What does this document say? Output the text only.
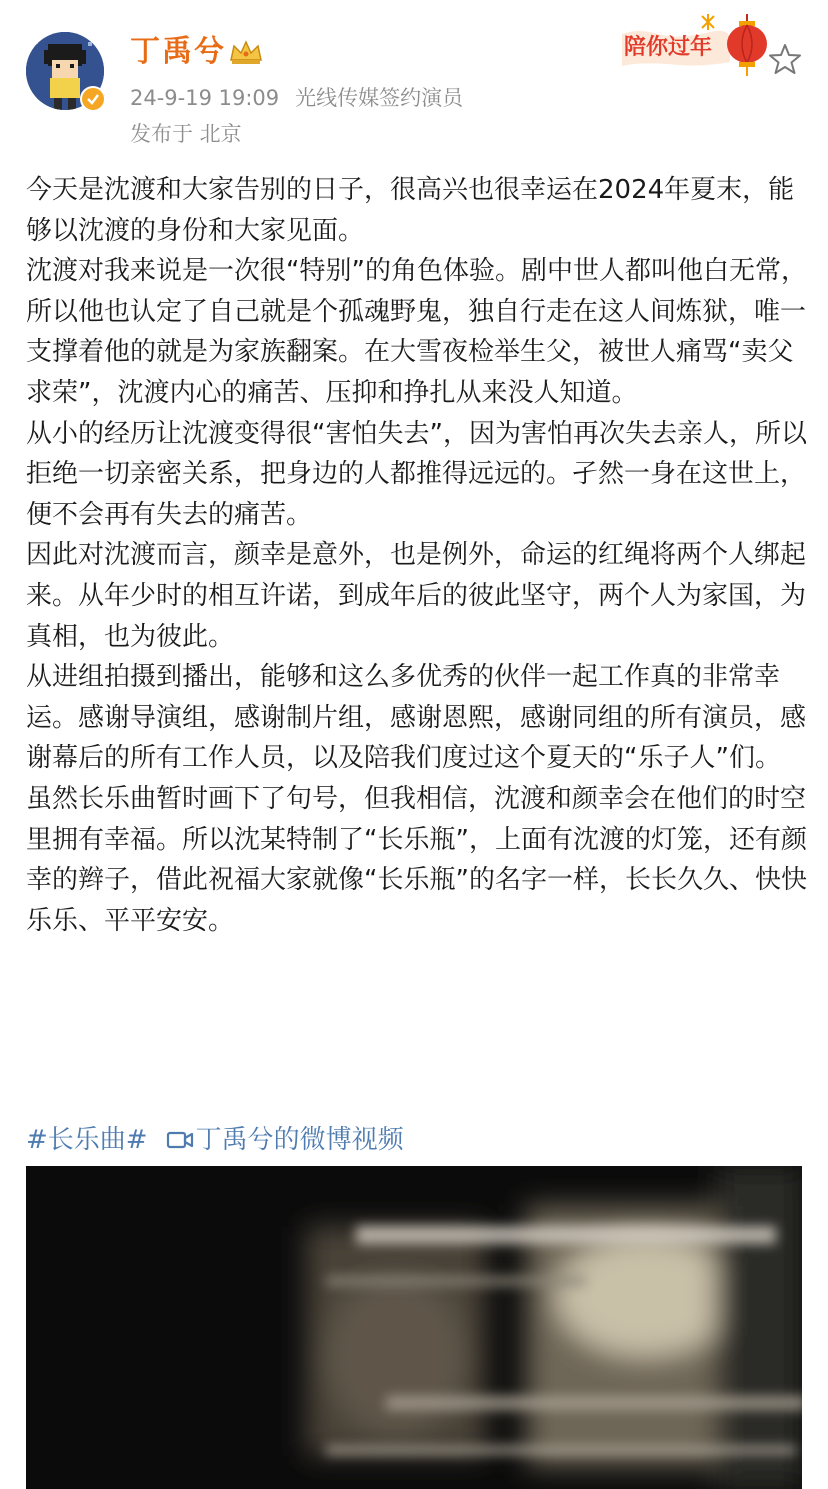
丁禹兮
24-9-19 19:09 光线传媒签约演员
发布于 北京
陪你过年

今天是沈渡和大家告别的日子，很高兴也很幸运在2024年夏末，能够以沈渡的身份和大家见面。

沈渡对我来说是一次很“特别”的角色体验。剧中世人都叫他白无常，所以他也认定了自己就是个孤魂野鬼，独自行走在这人间炼狱，唯一支撑着他的就是为家族翻案。在大雪夜检举生父，被世人痛骂“卖父求荣”，沈渡内心的痛苦、压抑和挣扎从来没人知道。

从小的经历让沈渡变得很“害怕失去”，因为害怕再次失去亲人，所以拒绝一切亲密关系，把身边的人都推得远远的。孑然一身在这世上，便不会再有失去的痛苦。

因此对沈渡而言，颜幸是意外，也是例外，命运的红绳将两个人绑起来。从年少时的相互许诺，到成年后的彼此坚守，两个人为家国，为真相，也为彼此。

从进组拍摄到播出，能够和这么多优秀的伙伴一起工作真的非常幸运。感谢导演组，感谢制片组，感谢恩熙，感谢同组的所有演员，感谢幕后的所有工作人员，以及陪我们度过这个夏天的“乐子人”们。

虽然长乐曲暂时画下了句号，但我相信，沈渡和颜幸会在他们的时空里拥有幸福。所以沈某特制了“长乐瓶”，上面有沈渡的灯笼，还有颜幸的辫子，借此祝福大家就像“长乐瓶”的名字一样，长长久久、快快乐乐、平平安安。

#长乐曲# 丁禹兮的微博视频
